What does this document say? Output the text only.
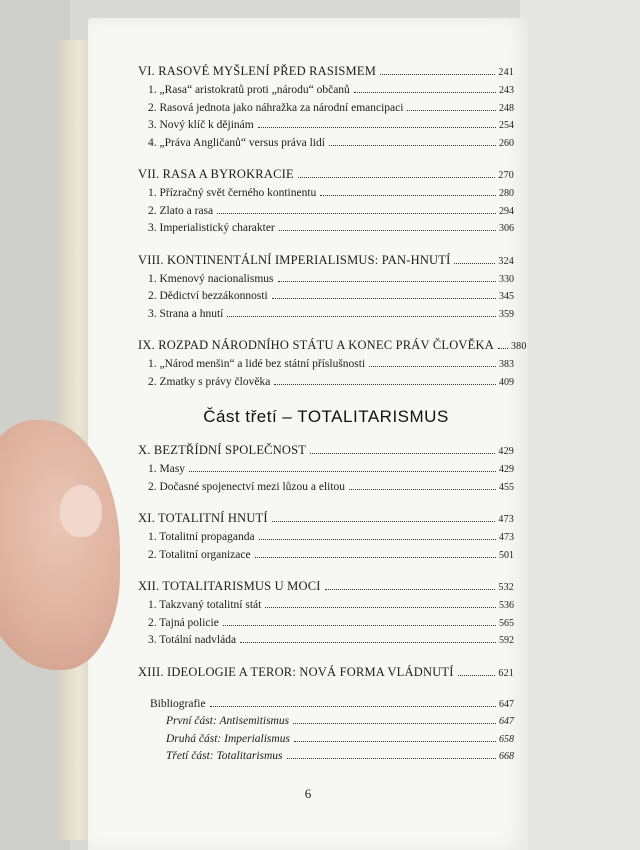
VI. RASOVÉ MYŠLENÍ PŘED RASISMEM	241
1. „Rasa“ aristokratů proti „národu“ občanů	243
2. Rasová jednota jako náhražka za národní emancipaci	248
3. Nový klíč k dějinám	254
4. „Práva Angličanů“ versus práva lidí	260
VII. RASA A BYROKRACIE	270
1. Přízračný svět černého kontinentu	280
2. Zlato a rasa	294
3. Imperialistický charakter	306
VIII. KONTINENTÁLNÍ IMPERIALISMUS: PAN-HNUTÍ	324
1. Kmenový nacionalismus	330
2. Dědictví bezzákonnosti	345
3. Strana a hnutí	359
IX. ROZPAD NÁRODNÍHO STÁTU A KONEC PRÁV ČLOVĚKA 380
1. „Národ menšin“ a lidé bez státní příslušnosti	383
2. Zmatky s právy člověka	409
Část třetí – TOTALITARISMUS
X. BEZTŘÍDNÍ SPOLEČNOST	429
1. Masy	429
2. Dočasné spojenectví mezi lůzou a elitou	455
XI. TOTALITNÍ HNUTÍ	473
1. Totalitní propaganda	473
2. Totalitní organizace	501
XII. TOTALITARISMUS U MOCI	532
1. Takzvaný totalitní stát	536
2. Tajná policie	565
3. Totální nadvláda	592
XIII. IDEOLOGIE A TEROR: NOVÁ FORMA VLÁDNUTÍ	621
Bibliografie	647
První část: Antisemitismus	647
Druhá část: Imperialismus	658
Třetí část: Totalitarismus	668
6
